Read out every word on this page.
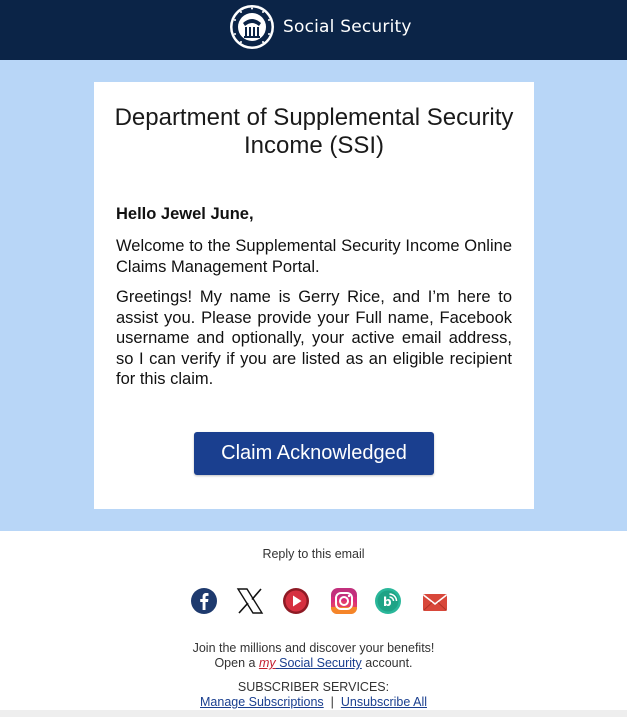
Social Security
Department of Supplemental Security Income (SSI)
Hello Jewel June,

Welcome to the Supplemental Security Income Online Claims Management Portal.

Greetings! My name is Gerry Rice, and I’m here to assist you. Please provide your Full name, Facebook username and optionally, your active email address, so I can verify if you are listed as an eligible recipient for this claim.

Claim Acknowledged
Reply to this email
b
Join the millions and discover your benefits!
Open a my Social Security account.
SUBSCRIBER SERVICES:
Manage Subscriptions | Unsubscribe All
